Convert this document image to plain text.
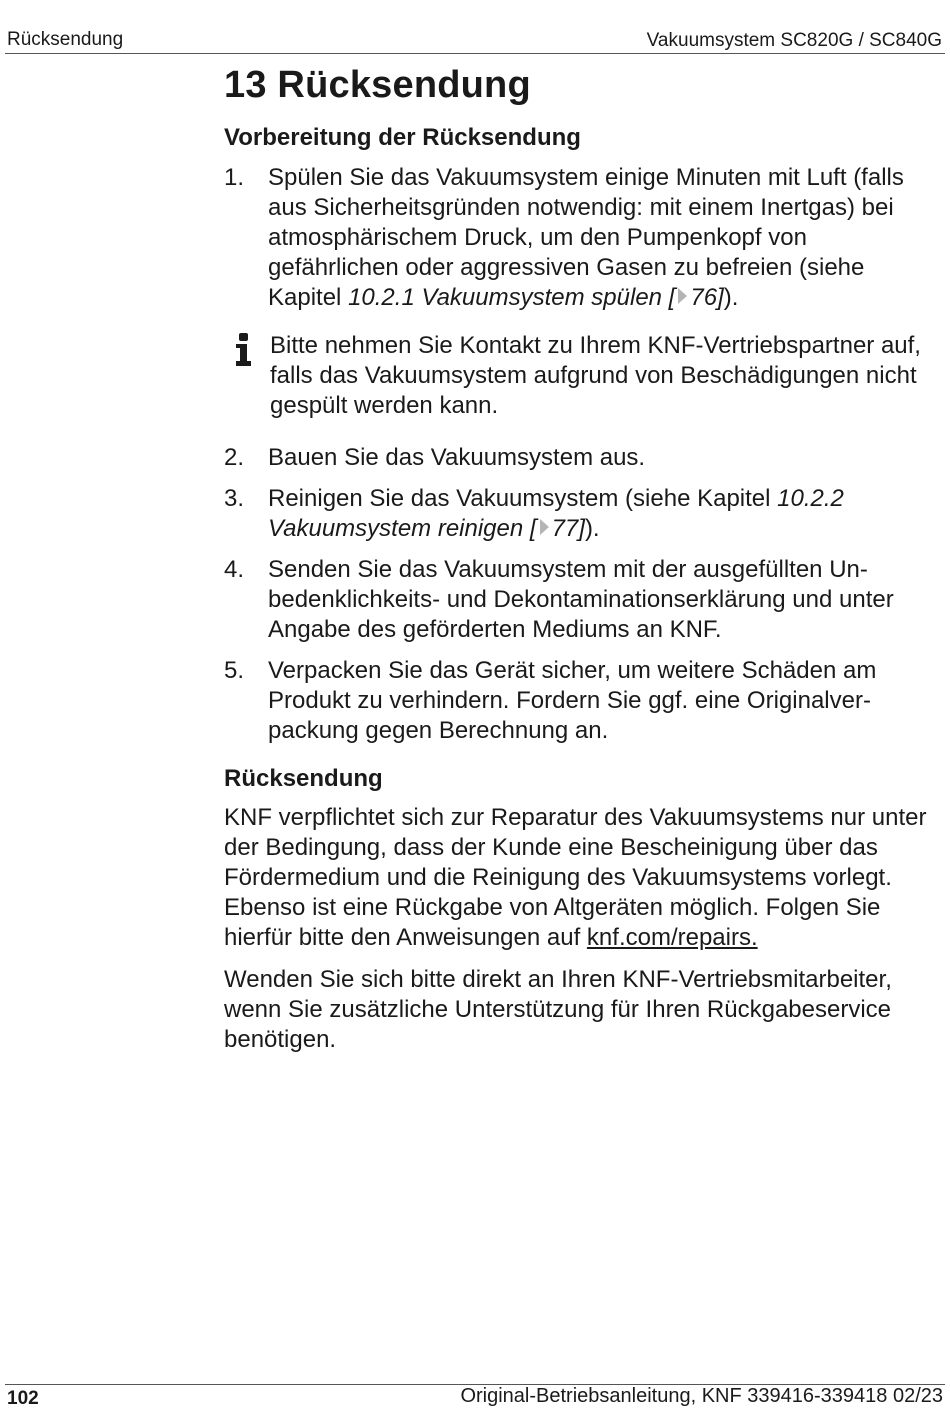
Rücksendung	Vakuumsystem SC820G / SC840G
13 Rücksendung
Vorbereitung der Rücksendung
1. Spülen Sie das Vakuumsystem einige Minuten mit Luft (falls aus Sicherheitsgründen notwendig: mit einem Inertgas) bei atmosphärischem Druck, um den Pumpenkopf von gefährlichen oder aggressiven Gasen zu befreien (siehe Kapitel 10.2.1 Vakuumsystem spülen [ 76]).
Bitte nehmen Sie Kontakt zu Ihrem KNF-Vertriebspartner auf, falls das Vakuumsystem aufgrund von Beschädigungen nicht gespült werden kann.
2. Bauen Sie das Vakuumsystem aus.
3. Reinigen Sie das Vakuumsystem (siehe Kapitel 10.2.2 Vakuumsystem reinigen [ 77]).
4. Senden Sie das Vakuumsystem mit der ausgefüllten Unbedenklichkeits- und Dekontaminationserklärung und unter Angabe des geförderten Mediums an KNF.
5. Verpacken Sie das Gerät sicher, um weitere Schäden am Produkt zu verhindern. Fordern Sie ggf. eine Originalverpackung gegen Berechnung an.
Rücksendung

KNF verpflichtet sich zur Reparatur des Vakuumsystems nur unter der Bedingung, dass der Kunde eine Bescheinigung über das Fördermedium und die Reinigung des Vakuumsystems vorlegt. Ebenso ist eine Rückgabe von Altgeräten möglich. Folgen Sie hierfür bitte den Anweisungen auf knf.com/repairs.

Wenden Sie sich bitte direkt an Ihren KNF-Vertriebsmitarbeiter, wenn Sie zusätzliche Unterstützung für Ihren Rückgabeservice benötigen.

102	Original-Betriebsanleitung, KNF 339416-339418 02/23
